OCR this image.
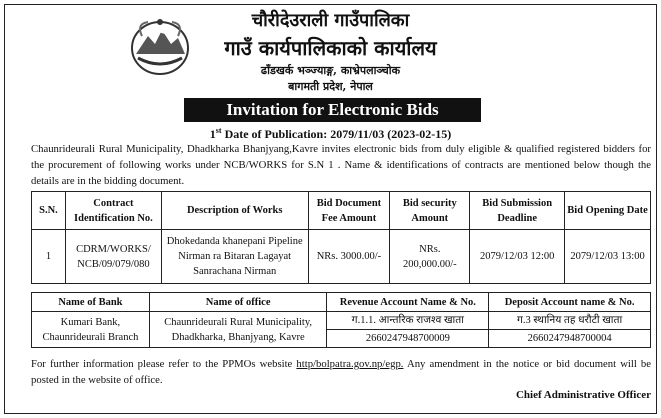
चौरीदेउराली गाउँपालिका
गाउँ कार्यपालिकाको कार्यालय
ढाँडखर्क भञ्ज्याङ्ग, काभ्रेपलाञ्चोक
बागमती प्रदेश, नेपाल
Invitation for Electronic Bids
1st Date of Publication: 2079/11/03 (2023-02-15)
Chaunrideurali Rural Municipality, Dhadkharka Bhanjyang,Kavre invites electronic bids from duly eligible & qualified registered bidders for the procurement of following works under NCB/WORKS for S.N 1 . Name & identifications of contracts are mentioned below though the details are in the bidding document.
S.N.	Contract Identification No.	Description of Works	Bid Document Fee Amount	Bid security Amount	Bid Submission Deadline	Bid Opening Date
1	CDRM/WORKS/ NCB/09/079/080	Dhokedanda khanepani Pipeline Nirman ra Bitaran Lagayat Sanrachana Nirman	NRs. 3000.00/-	NRs. 200,000.00/-	2079/12/03 12:00	2079/12/03 13:00
Name of Bank	Name of office	Revenue Account Name & No.	Deposit Account name & No.
Kumari Bank, Chaunrideurali Branch	Chaunrideurali Rural Municipality, Dhadkharka, Bhanjyang, Kavre	ग.1.1. आन्तरिक राजश्व खाता	ग.3 स्थानिय तह धरौटी खाता
		2660247948700009	2660247948700004
For further information please refer to the PPMOs website http/bolpatra.gov.np/egp. Any amendment in the notice or bid document will be posted in the website of office.
Chief Administrative Officer
